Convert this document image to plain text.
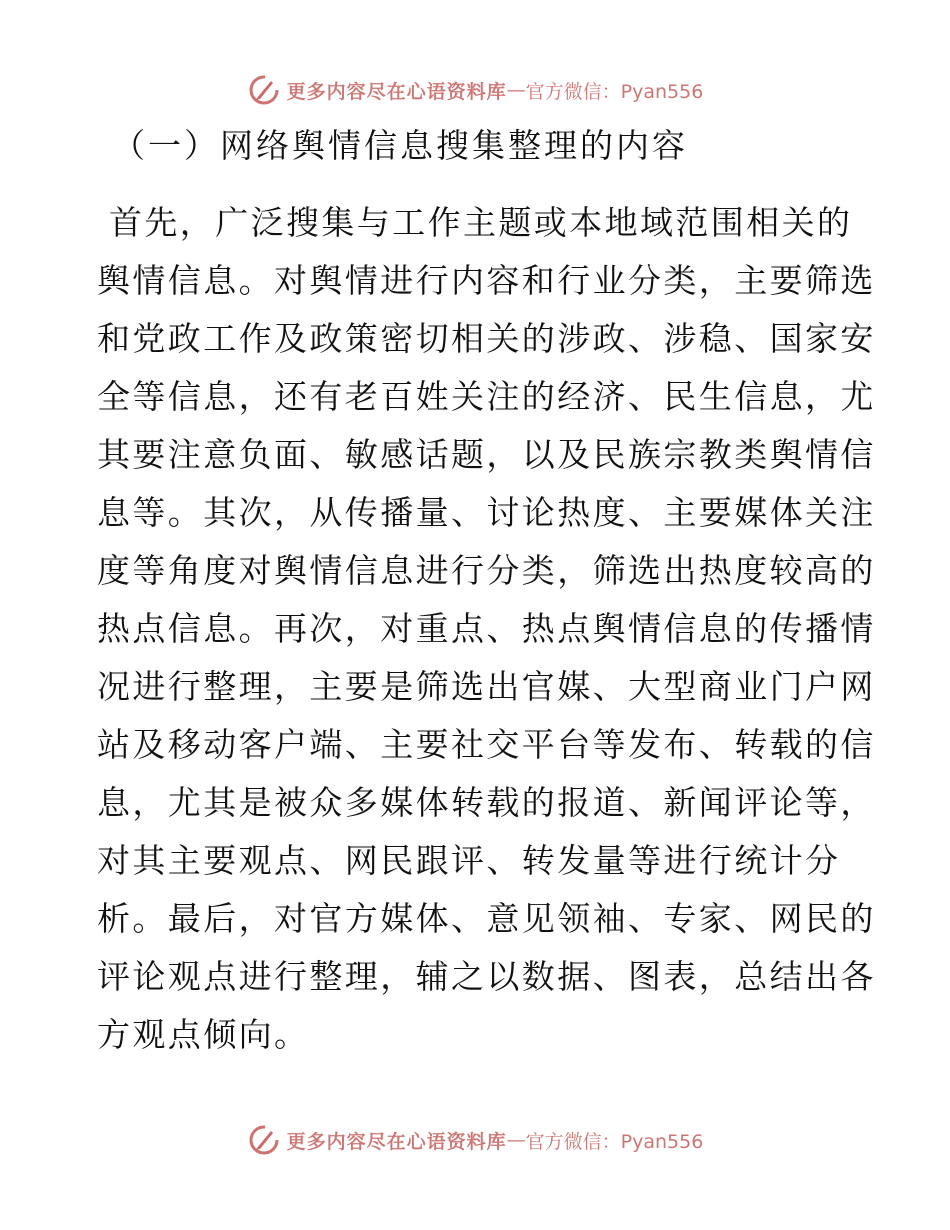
更多内容尽在心语资料库 — 官方微信：Pyan556
（一）网络舆情信息搜集整理的内容
首先，广泛搜集与工作主题或本地域范围相关的
舆情信息。对舆情进行内容和行业分类，主要筛选
和党政工作及政策密切相关的涉政、涉稳、国家安
全等信息，还有老百姓关注的经济、民生信息，尤
其要注意负面、敏感话题，以及民族宗教类舆情信
息等。其次，从传播量、讨论热度、主要媒体关注
度等角度对舆情信息进行分类，筛选出热度较高的
热点信息。再次，对重点、热点舆情信息的传播情
况进行整理，主要是筛选出官媒、大型商业门户网
站及移动客户端、主要社交平台等发布、转载的信
息，尤其是被众多媒体转载的报道、新闻评论等，
对其主要观点、网民跟评、转发量等进行统计分
析。最后，对官方媒体、意见领袖、专家、网民的
评论观点进行整理，辅之以数据、图表，总结出各
方观点倾向。
更多内容尽在心语资料库 — 官方微信：Pyan556
